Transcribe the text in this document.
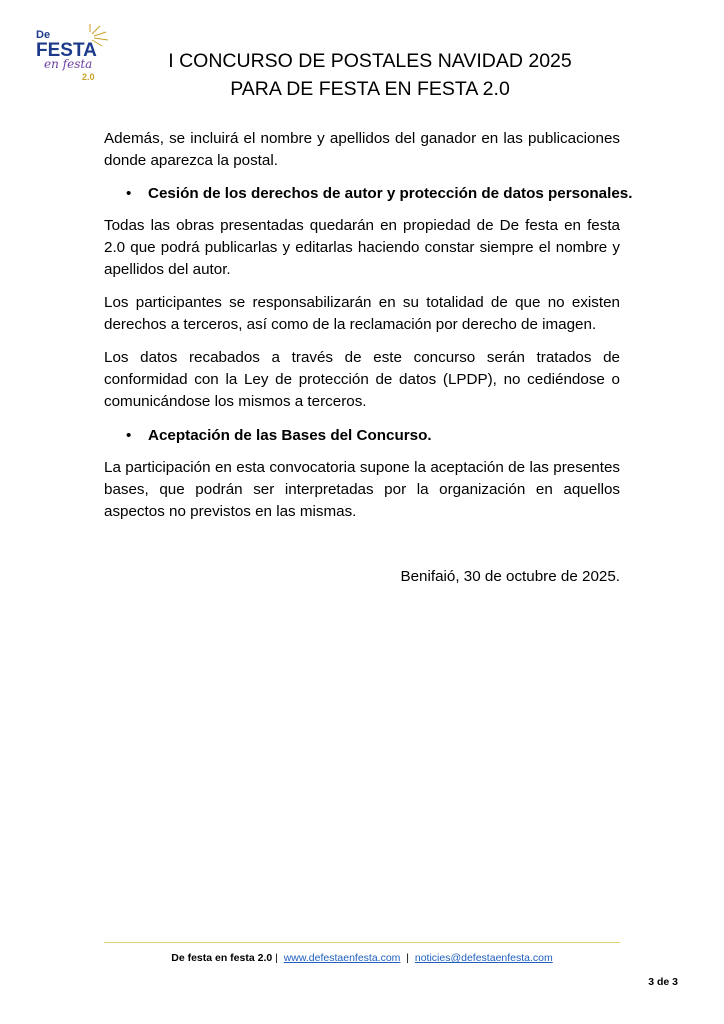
De
FESTA
en festa
2.0
I CONCURSO DE POSTALES NAVIDAD 2025
PARA DE FESTA EN FESTA 2.0

Además, se incluirá el nombre y apellidos del ganador en las publicaciones donde aparezca la postal.

• Cesión de los derechos de autor y protección de datos personales.

Todas las obras presentadas quedarán en propiedad de De festa en festa 2.0 que podrá publicarlas y editarlas haciendo constar siempre el nombre y apellidos del autor.

Los participantes se responsabilizarán en su totalidad de que no existen derechos a terceros, así como de la reclamación por derecho de imagen.

Los datos recabados a través de este concurso serán tratados de conformidad con la Ley de protección de datos (LPDP), no cediéndose o comunicándose los mismos a terceros.

• Aceptación de las Bases del Concurso.

La participación en esta convocatoria supone la aceptación de las presentes bases, que podrán ser interpretadas por la organización en aquellos aspectos no previstos en las mismas.

Benifaió, 30 de octubre de 2025.
De festa en festa 2.0 | www.defestaenfesta.com | noticies@defestaenfesta.com
3 de 3
